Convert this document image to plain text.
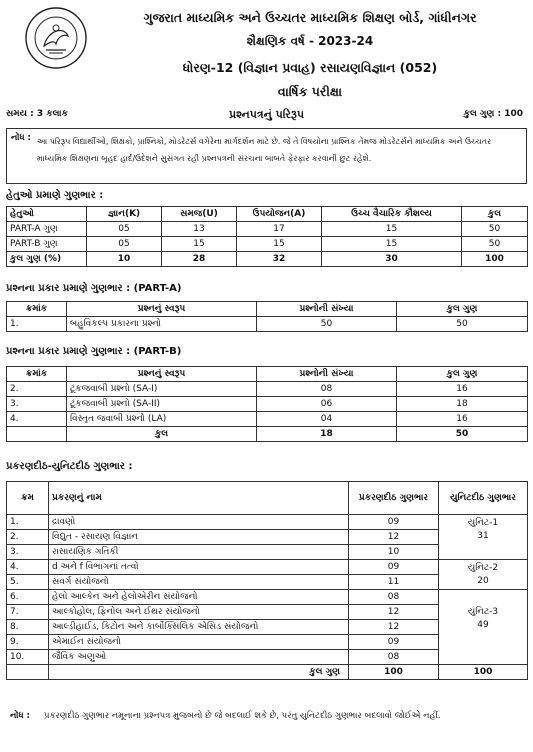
ગુજરાત માધ્યમિક અને ઉચ્ચતર માધ્યમિક શિક્ષણ બોર્ડ, ગાંધીનગર
શૈક્ષણિક વર્ષ - 2023-24
ધોરણ-12 (વિજ્ઞાન પ્રવાહ) રસાયણવિજ્ઞાન (052)
વાર્ષિક પરીક્ષા
સમય : 3 કલાક	પ્રશ્નપત્રનું પરિરૂપ	કુલ ગુણ : 100
નોંધ : આ પરિરૂપ વિદ્યાર્થીઓ, શિક્ષકો, પ્રાશ્નિકો, મોડરેટર્સ વગેરેના માર્ગદર્શન માટે છે. જે તે વિષયોના પ્રાશ્નિક તેમજ મોડરેટર્સને માધ્યમિક અને ઉચ્ચતર માધ્યમિક શિક્ષણના બૃહદ હાર્દ/ઉદેશને સુસંગત રહી પ્રશ્નપત્રની સંરચના બાબતે ફેરફાર કરવાની છુટ રહેશે.
હેતુઓ પ્રમાણે ગુણભાર :
હેતુઓ	જ્ઞાન(K)	સમજ(U)	ઉપયોજન(A)	ઉચ્ચ વૈચારિક કૌશલ્ય	કુલ
PART-A ગુણ	05	13	17	15	50
PART-B ગુણ	05	15	15	15	50
કુલ ગુણ (%)	10	28	32	30	100
પ્રશ્નના પ્રકાર પ્રમાણે ગુણભાર : (PART-A)
ક્રમાંક	પ્રશ્નનું સ્વરૂપ	પ્રશ્નોની સંખ્યા	કુલ ગુણ
1.	બહુવિકલ્પ પ્રકારના પ્રશ્નો	50	50
પ્રશ્નના પ્રકાર પ્રમાણે ગુણભાર : (PART-B)
ક્રમાંક	પ્રશ્નનું સ્વરૂપ	પ્રશ્નોની સંખ્યા	કુલ ગુણ
2.	ટૂંકજવાબી પ્રશ્નો (SA-I)	08	16
3.	ટૂંકજવાબી પ્રશ્નો (SA-II)	06	18
4.	વિસ્તૃત જવાબી પ્રશ્નો (LA)	04	16
	કુલ	18	50
પ્રકરણદીઠ-યુનિટદીઠ ગુણભાર :
ક્રમ	પ્રકરણનું નામ	પ્રકરણદીઠ ગુણભાર	યુનિટદીઠ ગુણભાર
1.	દ્રાવણો	09	યુનિટ-1
31

2.	વિદ્યુત - રસાયણ વિજ્ઞાન	12	
3.	રાસાયણિક ગતિકી	10	
4.	d અને f વિભાગનાં તત્વો	09	યુનિટ-2
20

5.	સવર્ગ સંયોજનો	11	
6.	હેલો આલ્કેન અને હેલોએરીન સંયોજનો	08	યુનિટ-3
49

7.	આલ્કોહોલ, ફિનોલ અને ઈથર સંયોજનો	12	
8.	આલ્ડીહાઈડ, કિટોન અને કાર્બોક્સિલિક એસિડ સંયોજનો	12	
9.	એમાઈન સંયોજનો	09	
10.	જૈવિક અણુઓ	08	
	કુલ ગુણ	100	100
નોંધ : પ્રકરણદીઠ ગુણભાર નમૂનાના પ્રશ્નપત્ર મુજબનો છે જે બદલાઈ શકે છે, પરંતુ યુનિટદીઠ ગુણભાર બદલાવો જોઈએ નહીં.
